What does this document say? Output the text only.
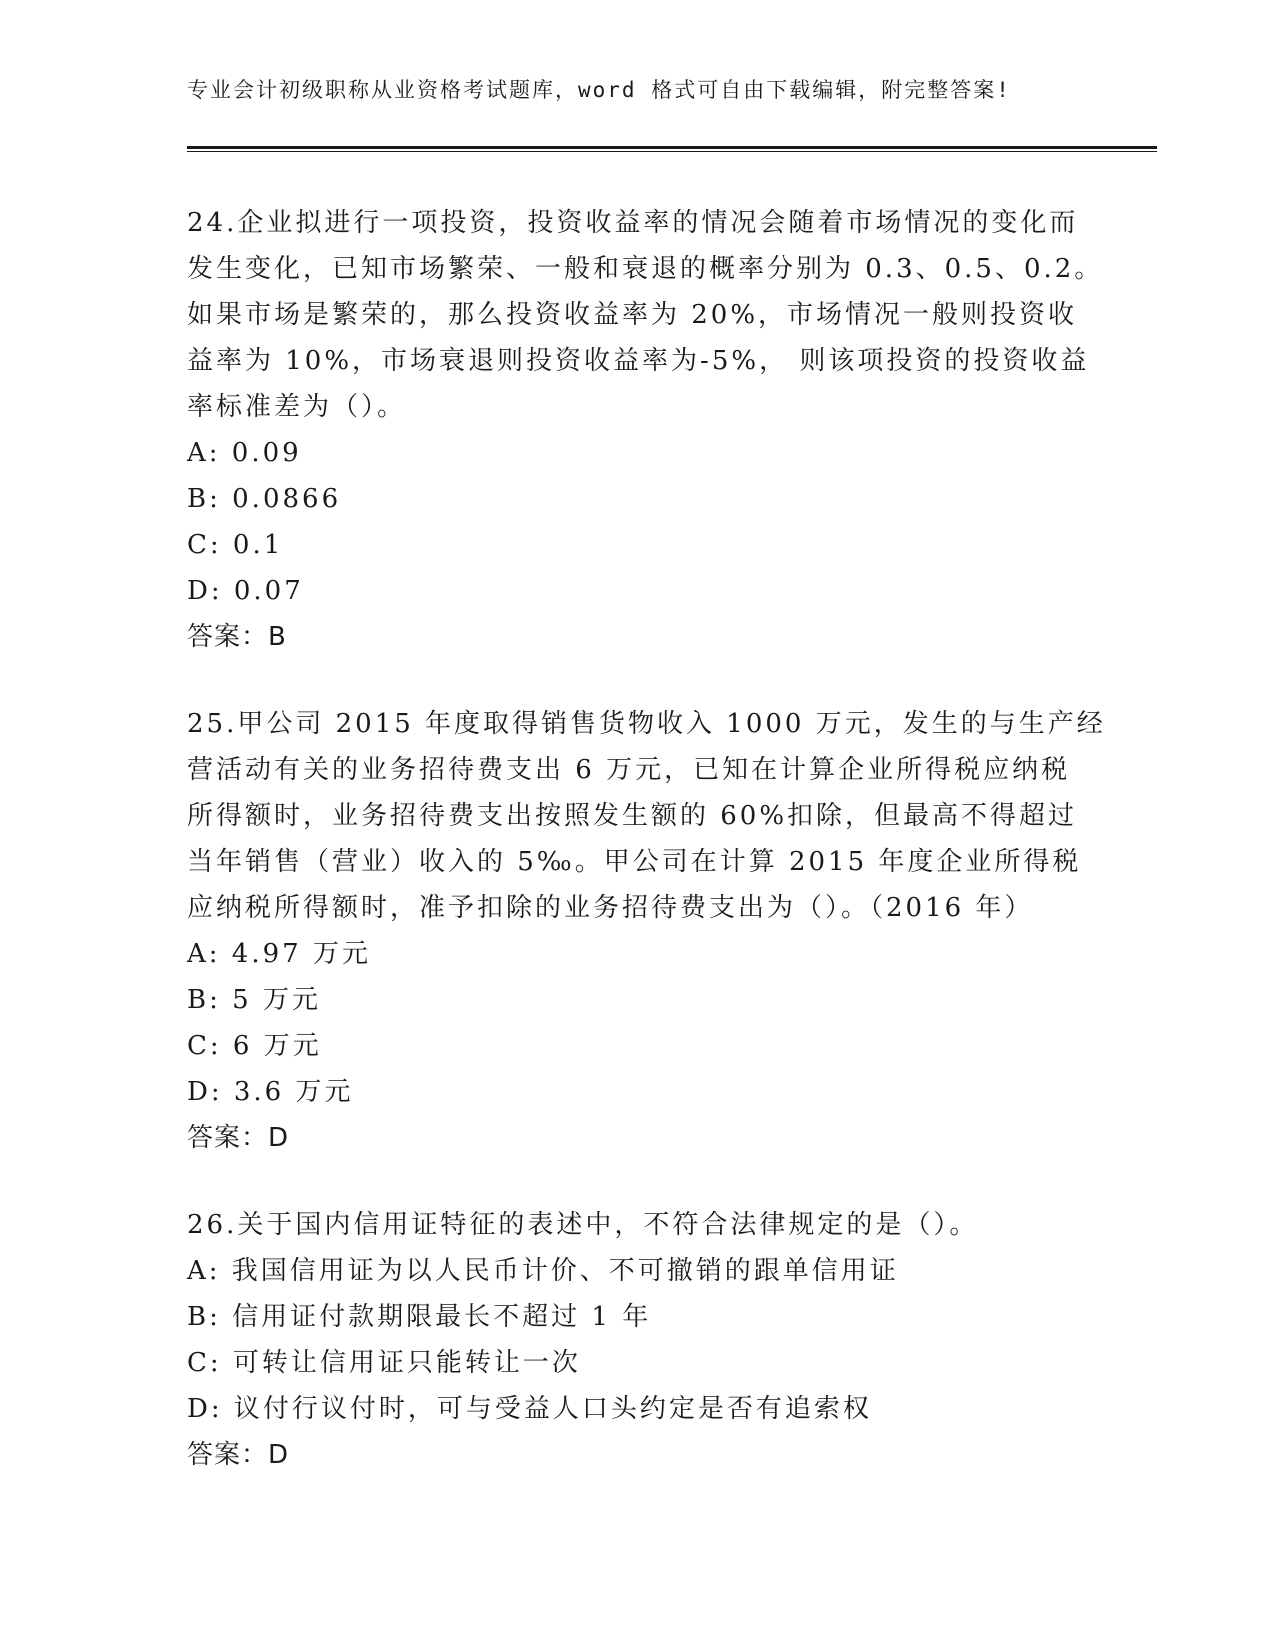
专业会计初级职称从业资格考试题库，word 格式可自由下载编辑，附完整答案!
24.企业拟进行一项投资，投资收益率的情况会随着市场情况的变化而
发生变化，已知市场繁荣、一般和衰退的概率分别为 0.3、0.5、0.2。
如果市场是繁荣的，那么投资收益率为 20%，市场情况一般则投资收
益率为 10%，市场衰退则投资收益率为-5%， 则该项投资的投资收益
率标准差为（）。
A: 0.09
B: 0.0866
C: 0.1
D: 0.07
答案：B
25.甲公司 2015 年度取得销售货物收入 1000 万元，发生的与生产经
营活动有关的业务招待费支出 6 万元，已知在计算企业所得税应纳税
所得额时，业务招待费支出按照发生额的 60%扣除，但最高不得超过
当年销售（营业）收入的 5‰。甲公司在计算 2015 年度企业所得税
应纳税所得额时，准予扣除的业务招待费支出为（）。（2016 年）
A: 4.97 万元
B: 5 万元
C: 6 万元
D: 3.6 万元
答案：D
26.关于国内信用证特征的表述中，不符合法律规定的是（）。
A: 我国信用证为以人民币计价、不可撤销的跟单信用证
B: 信用证付款期限最长不超过 1 年
C: 可转让信用证只能转让一次
D: 议付行议付时，可与受益人口头约定是否有追索权
答案：D
